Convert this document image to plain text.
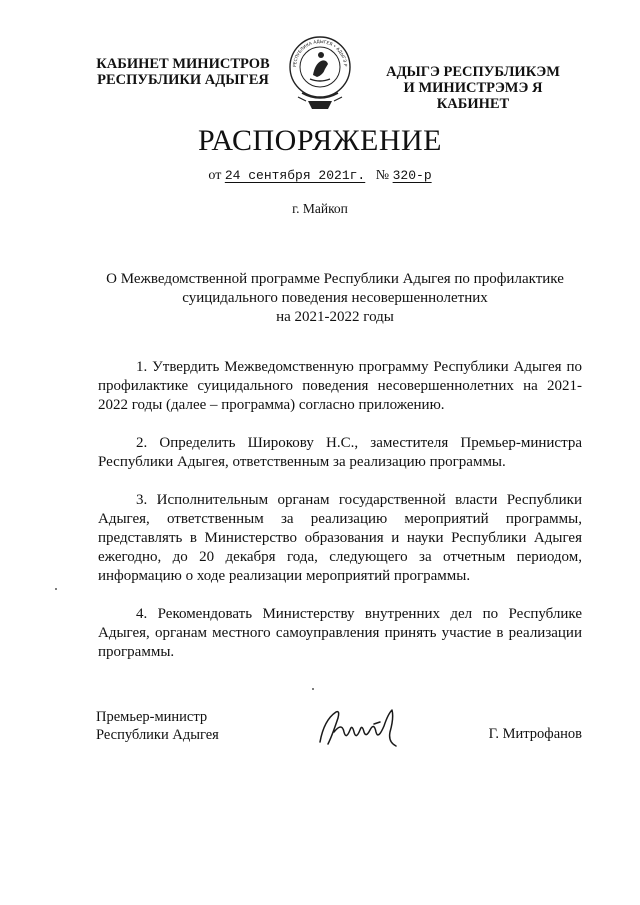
КАБИНЕТ МИНИСТРОВ
РЕСПУБЛИКИ АДЫГЕЯ
РЕСПУБЛИКА АДЫГЕЯ • АДЫГЭ Р	АДЫГЭ РЕСПУБЛИКЭМ
И МИНИСТРЭМЭ Я КАБИНЕТ
РАСПОРЯЖЕНИЕ
от 24 сентября 2021г. № 320-р
г. Майкоп
О Межведомственной программе Республики Адыгея по профилактике
суицидального поведения несовершеннолетних
на 2021-2022 годы

1. Утвердить Межведомственную программу Республики Адыгея по профилактике суицидального поведения несовершеннолетних на 2021-2022 годы (далее – программа) согласно приложению.

2. Определить Широкову Н.С., заместителя Премьер-министра Республики Адыгея, ответственным за реализацию программы.

3. Исполнительным органам государственной власти Республики Адыгея, ответственным за реализацию мероприятий программы, представлять в Министерство образования и науки Республики Адыгея ежегодно, до 20 декабря года, следующего за отчетным периодом, информацию о ходе реализации мероприятий программы.

4. Рекомендовать Министерству внутренних дел по Республике Адыгея, органам местного самоуправления принять участие в реализации программы.

Премьер-министр
Республики Адыгея	Г. Митрофанов
